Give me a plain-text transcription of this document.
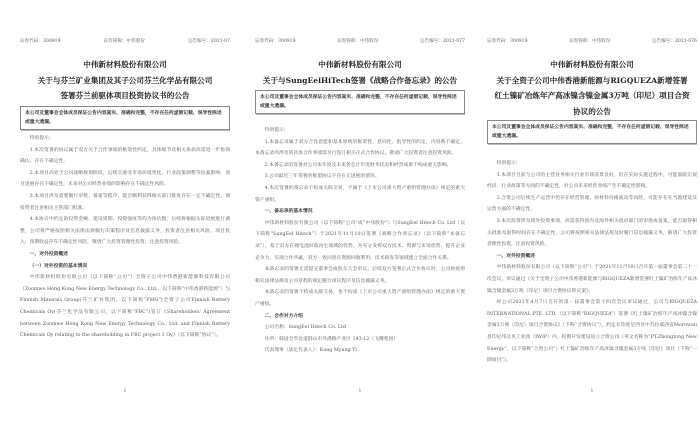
证券代码：300919	证券简称：中伟股份	公告编号：2021-07
中伟新材料股份有限公司
关于与芬兰矿业集团及其子公司芬兰化学品有限公司
签署芬兰前驱体项目投资协议书的公告
本公司及董事会全体成员保证公告内容真实、准确和完整，不存在任何虚假记载、误导性陈述或重大遗漏。

特别提示：

1.本次签署的协议属于双方关于合作事项的框架性约定，具体细节及相关条款尚需进一步协商确认，存在不确定性。

2.本项目尚处于公司战略规划阶段，后续实施受市场环境变化、行业政策调整等因素影响，项目进展存在不确定性，未来对公司经营业绩的影响存在不确定性风险。

3.本项目涉及需要履行审批、备案等程序，能否顺利获得相关部门批复存在一定不确定性，请投资者注意相关主管部门批准。

4.本协议中约定的投资金额、建设周期、投资强度等均为预估数，后续将根据实际进展进行调整，公司将严格按照相关法律法规履行决策程序及信息披露义务，投资者注意相关风险。项目投入、预期收益存在不确定性风险，敬请广大投资者理性投资，注意投资风险。

一、对外投资概述

（一）对外投资的基本情况

中伟新材料股份有限公司（以下简称“公司”）全资子公司中伟香港新能源科技有限公司（Zoomwe Hong Kong New Energy Technology Co., Ltd.，以下简称“中伟香港新能源”）与Finnish Minerals Group(芬兰矿业集团，以下简称“FMG”)全资子公司Finnish Battery Chemicals Oy(芬兰化学品有限公司，以下简称“FBC”)签订《Shareholders' Agreement between Zoomwe Hong Kong New Energy Technology Co., Ltd. and Finnish Battery Chemicals Oy relating to the shareholding in FBC project 1 Oy》（以下简称“协议”）。

1
证券代码：300919	证券简称：中伟股份	公告编号：2021-077
中伟新材料股份有限公司
关于与SungEelHiTech签署《战略合作备忘录》的公告
本公司及董事会全体成员保证公告内容真实、准确和完整，不存在任何虚假记载、误导性陈述或重大遗漏。

特别提示：

1.本备忘录属于双方合作意愿和基本原则的框架性、意向性、指导性的约定，内容系不确定，本备忘录所涉及的具体合作事项需另行签订相关正式合作协议，敬请广大投资者注意投资风险。

2.本备忘录的签署对公司本年度及未来各会计年度财务状况和经营成果不构成重大影响。

3.公司最近三年签署的框架协议不存在无进展的情况。

4.本次签署的备忘录不构成关联交易，不属于《上市公司重大资产重组管理办法》规定的重大资产重组。

一、备忘录的基本情况

中伟新材料股份有限公司（以下简称“公司”或“中伟股份”）与SungEel Hitech Co. Ltd（以下简称“SungEel Hitech”）于2021年11月10日签署《战略合作备忘录》（以下简称“本备忘录”），基于双方在锂电池回收再生领域的优势，为充分发挥双方技术、资源与市场优势，提升企业竞争力，实现合作共赢，双方一致同意在资源回收利用、技术研发等领域建立全面合作关系。

本备忘录的签署无需提交董事会或股东大会审议。后续双方签署正式合作协议时，公司将按照相关法律法规及公司章程的规定履行审议程序及信息披露义务。

本备忘录的签署不构成关联交易，也不构成《上市公司重大资产重组管理办法》规定的重大资产重组。

二、合作对方介绍

公司名称：SungEel Hitech Co. Ltd

住所：韩国全罗北道群山市外港路产业区 143-12（飞鹰苑园）

代表理事（法定代表人）：Kang Myung Yi

1
证券代码：300919	证券简称：中伟股份	公告编号：2021-076
中伟新材料股份有限公司
关于全资子公司中伟香港新能源与RIGQUEZA新增签署
红土镍矿冶炼年产高冰镍含镍金属3万吨（印尼）项目合资
协议的公告
本公司及董事会全体成员保证公告内容真实、准确和完整，不存在任何虚假记载、误导性陈述或重大遗漏。

特别提示：

1.本项目目前与公司的主营业务相关行业市场前景良好，但在实际实施过程中，可能面临宏观经济、行业政策等方面的不确定性，对公司未来经营业绩产生不确定性影响。

2.合资公司后续生产运营中仍存在经营管理、原材料价格波动等风险，可能存在在当地建设及运营方面的不确定性。

3.本次投资涉及境外投资事项，尚需获得国内及海外相关政府部门的审批或备案，能否取得相关批准及取得时间存在不确定性，公司将按照相关法律法规及时履行信息披露义务，敬请广大投资者理性投资，注意投资风险。

一、对外投资概述

中伟新材料股份有限公司（以下简称“公司”）于2021年11月10日召开第一届董事会第二十一次会议，审议通过《关于全资子公司中伟香港新能源与RIGQUEZA新增签署红土镍矿冶炼年产高冰镍含镍金属3万吨（印尼）项目合资协议的议案》。

经公司2021年4月7日召开的第一届董事会第十四次会议审议通过，公司与RIGQUEZA INTERNATIONAL PTE. LTD.（以下简称“RIGQUEZA”）签署《红土镍矿冶炼年产高冰镍含镍金属3万吨（印尼）项目合资协议》（下称“合资协议”），约定在印度尼西亚中苏拉威西省Morowali县印尼纬达贝工业园（IWIP）内，投资开发建设设立合资公司（英文名称为“PT.Zhongtong New Energy”，以下简称“合资公司”）红土镍矿冶炼年产高冰镍含镍金属3万吨（印尼）项目（下称“一期项目”）。

1
